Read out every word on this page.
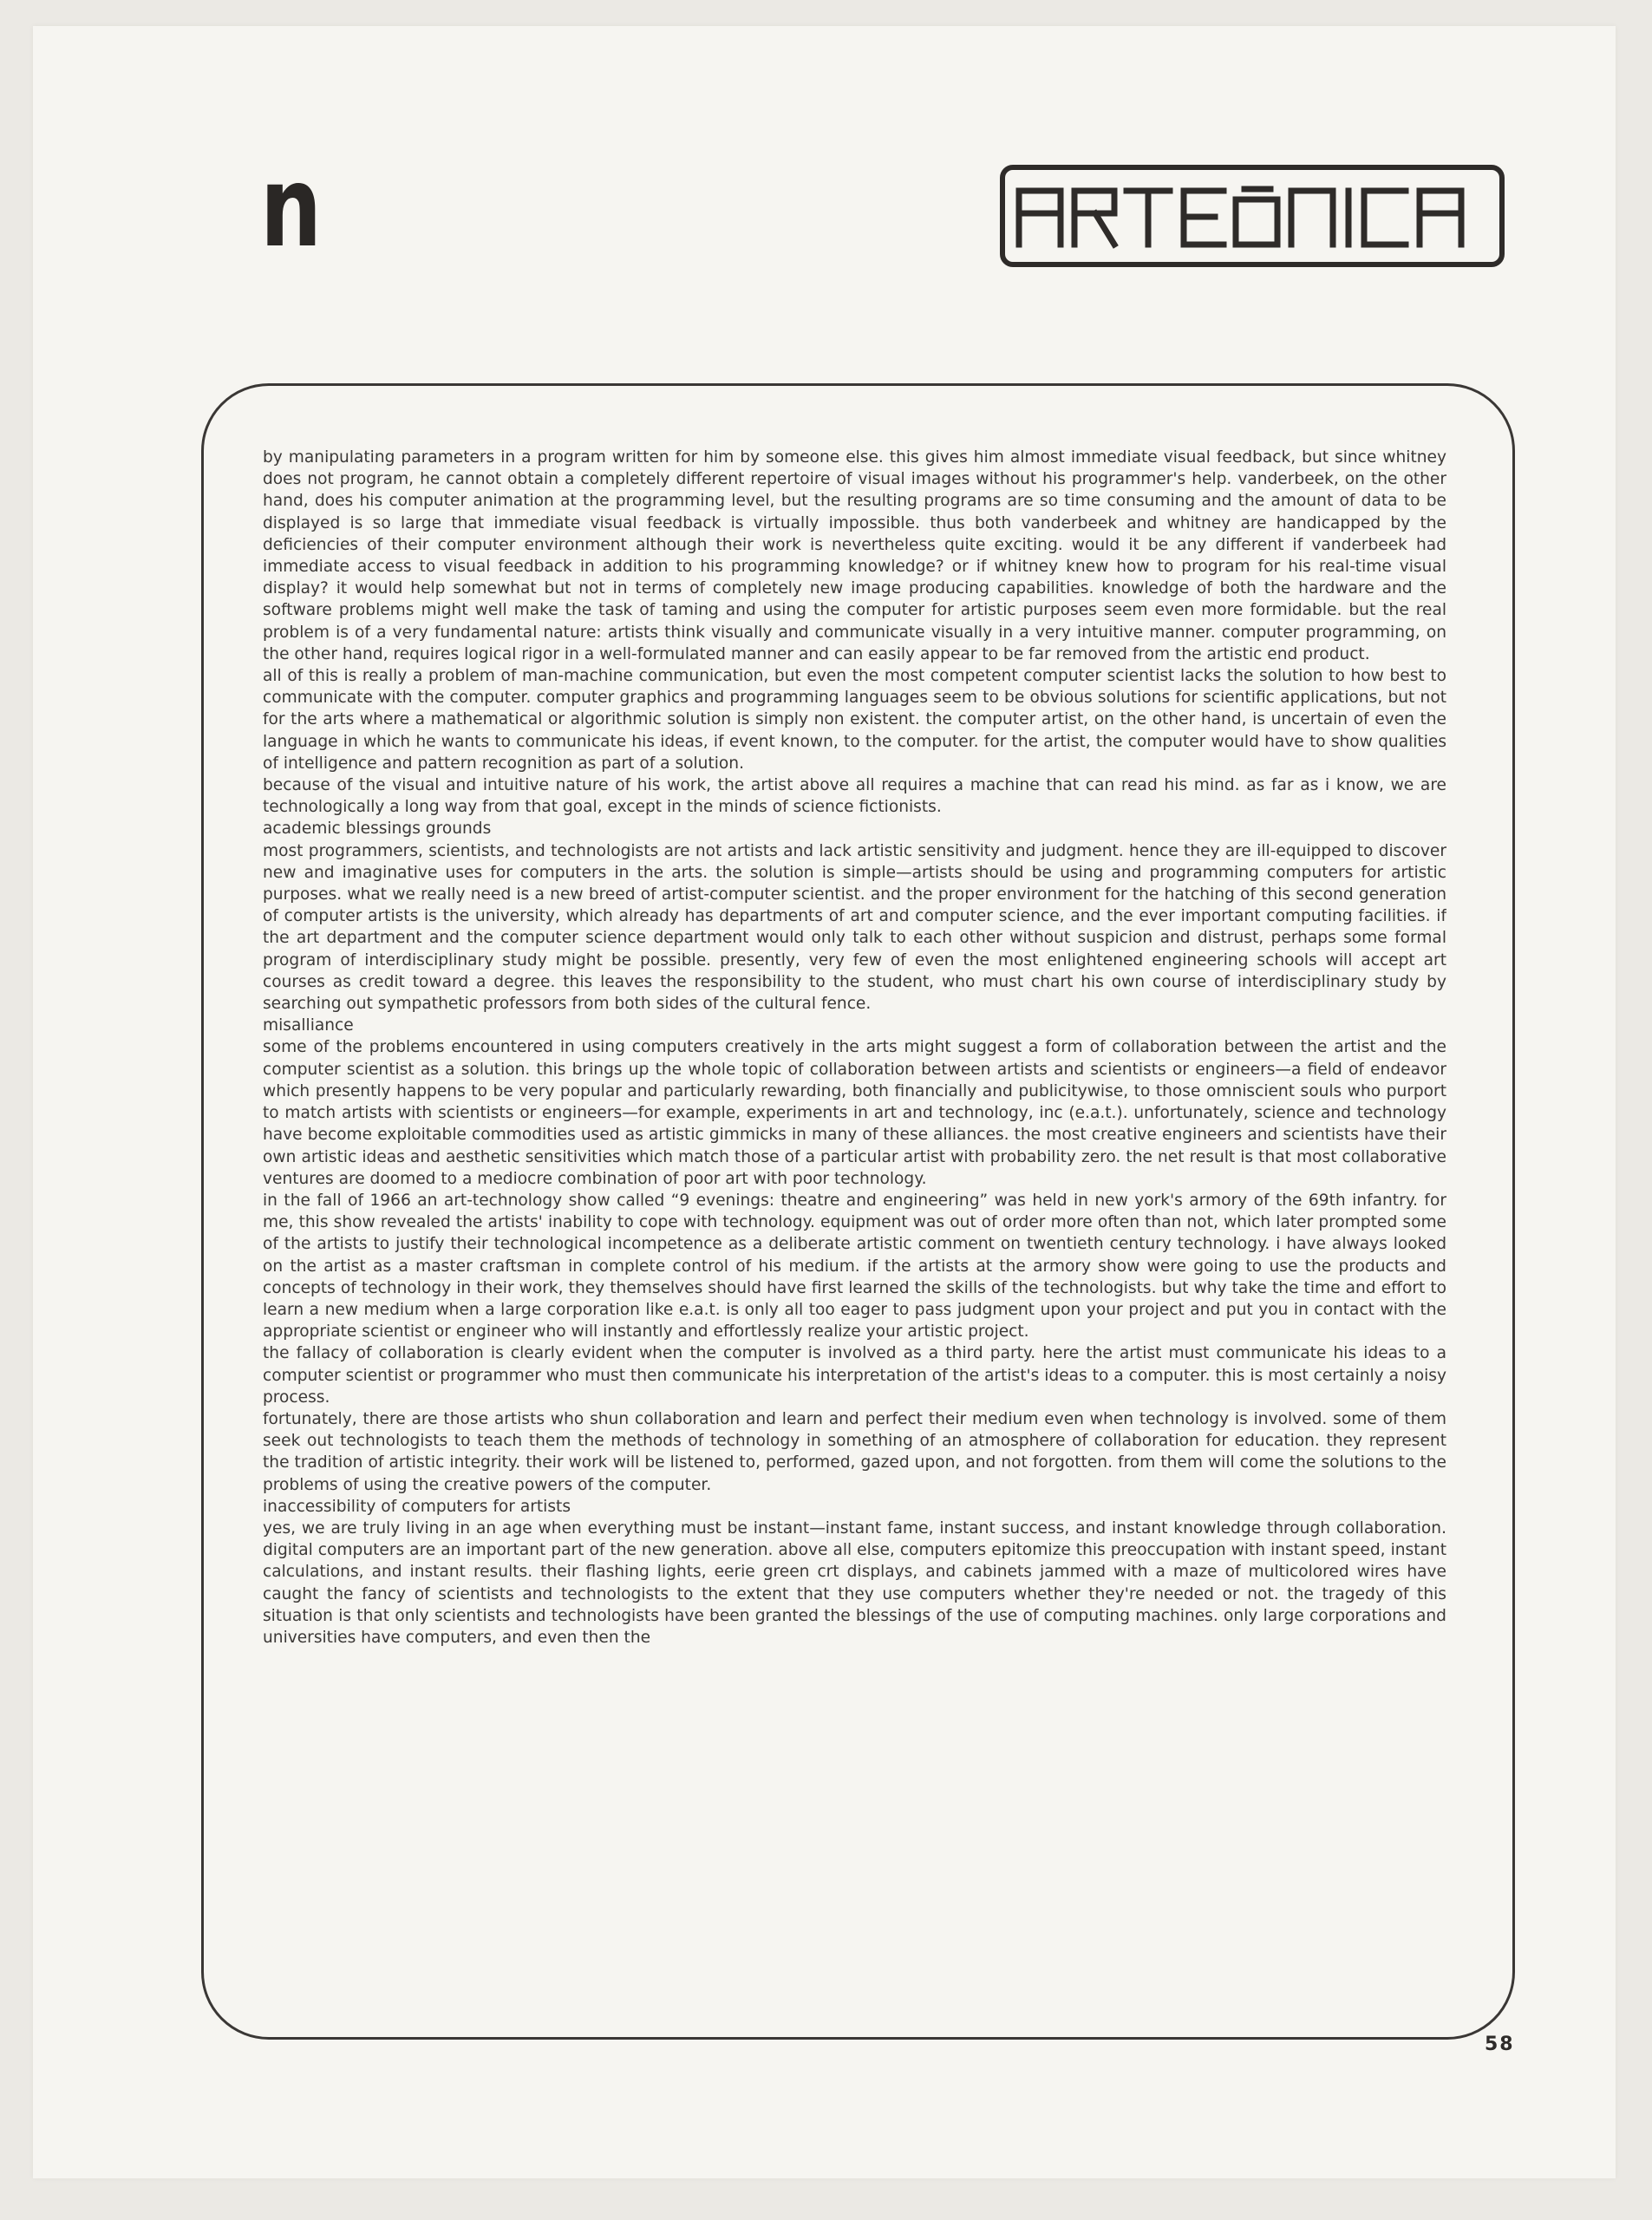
n

by manipulating parameters in a program written for him by someone else. this gives him almost immediate visual feedback, but since whitney does not program, he cannot obtain a completely different repertoire of visual images without his programmer's help. vanderbeek, on the other hand, does his computer animation at the programming level, but the resulting programs are so time consuming and the amount of data to be displayed is so large that immediate visual feedback is virtually impossible. thus both vanderbeek and whitney are handicapped by the deficiencies of their computer environment although their work is nevertheless quite exciting. would it be any different if vanderbeek had immediate access to visual feedback in addition to his programming knowledge? or if whitney knew how to program for his real-time visual display? it would help somewhat but not in terms of completely new image producing capabilities. knowledge of both the hardware and the software problems might well make the task of taming and using the computer for artistic purposes seem even more formidable. but the real problem is of a very fundamental nature: artists think visually and communicate visually in a very intuitive manner. computer programming, on the other hand, requires logical rigor in a well-formulated manner and can easily appear to be far removed from the artistic end product.

all of this is really a problem of man-machine communication, but even the most competent computer scientist lacks the solution to how best to communicate with the computer. computer graphics and programming languages seem to be obvious solutions for scientific applications, but not for the arts where a mathematical or algorithmic solution is simply non existent. the computer artist, on the other hand, is uncertain of even the language in which he wants to communicate his ideas, if event known, to the computer. for the artist, the computer would have to show qualities of intelligence and pattern recognition as part of a solution.

because of the visual and intuitive nature of his work, the artist above all requires a machine that can read his mind. as far as i know, we are technologically a long way from that goal, except in the minds of science fictionists.

academic blessings grounds

most programmers, scientists, and technologists are not artists and lack artistic sensitivity and judgment. hence they are ill-equipped to discover new and imaginative uses for computers in the arts. the solution is simple—artists should be using and programming computers for artistic purposes. what we really need is a new breed of artist-computer scientist. and the proper environment for the hatching of this second generation of computer artists is the university, which already has departments of art and computer science, and the ever important computing facilities. if the art department and the computer science department would only talk to each other without suspicion and distrust, perhaps some formal program of interdisciplinary study might be possible. presently, very few of even the most enlightened engineering schools will accept art courses as credit toward a degree. this leaves the responsibility to the student, who must chart his own course of interdisciplinary study by searching out sympathetic professors from both sides of the cultural fence.

misalliance

some of the problems encountered in using computers creatively in the arts might suggest a form of collaboration between the artist and the computer scientist as a solution. this brings up the whole topic of collaboration between artists and scientists or engineers—a field of endeavor which presently happens to be very popular and particularly rewarding, both financially and publicitywise, to those omniscient souls who purport to match artists with scientists or engineers—for example, experiments in art and technology, inc (e.a.t.). unfortunately, science and technology have become exploitable commodities used as artistic gimmicks in many of these alliances. the most creative engineers and scientists have their own artistic ideas and aesthetic sensitivities which match those of a particular artist with probability zero. the net result is that most collaborative ventures are doomed to a mediocre combination of poor art with poor technology.

in the fall of 1966 an art-technology show called “9 evenings: theatre and engineering” was held in new york's armory of the 69th infantry. for me, this show revealed the artists' inability to cope with technology. equipment was out of order more often than not, which later prompted some of the artists to justify their technological incompetence as a deliberate artistic comment on twentieth century technology. i have always looked on the artist as a master craftsman in complete control of his medium. if the artists at the armory show were going to use the products and concepts of technology in their work, they themselves should have first learned the skills of the technologists. but why take the time and effort to learn a new medium when a large corporation like e.a.t. is only all too eager to pass judgment upon your project and put you in contact with the appropriate scientist or engineer who will instantly and effortlessly realize your artistic project.

the fallacy of collaboration is clearly evident when the computer is involved as a third party. here the artist must communicate his ideas to a computer scientist or programmer who must then communicate his interpretation of the artist's ideas to a computer. this is most certainly a noisy process.

fortunately, there are those artists who shun collaboration and learn and perfect their medium even when technology is involved. some of them seek out technologists to teach them the methods of technology in something of an atmosphere of collaboration for education. they represent the tradition of artistic integrity. their work will be listened to, performed, gazed upon, and not forgotten. from them will come the solutions to the problems of using the creative powers of the computer.

inaccessibility of computers for artists

yes, we are truly living in an age when everything must be instant—instant fame, instant success, and instant knowledge through collaboration. digital computers are an important part of the new generation. above all else, computers epitomize this preoccupation with instant speed, instant calculations, and instant results. their flashing lights, eerie green crt displays, and cabinets jammed with a maze of multicolored wires have caught the fancy of scientists and technologists to the extent that they use computers whether they're needed or not. the tragedy of this situation is that only scientists and technologists have been granted the blessings of the use of computing machines. only large corporations and universities have computers, and even then the

58
